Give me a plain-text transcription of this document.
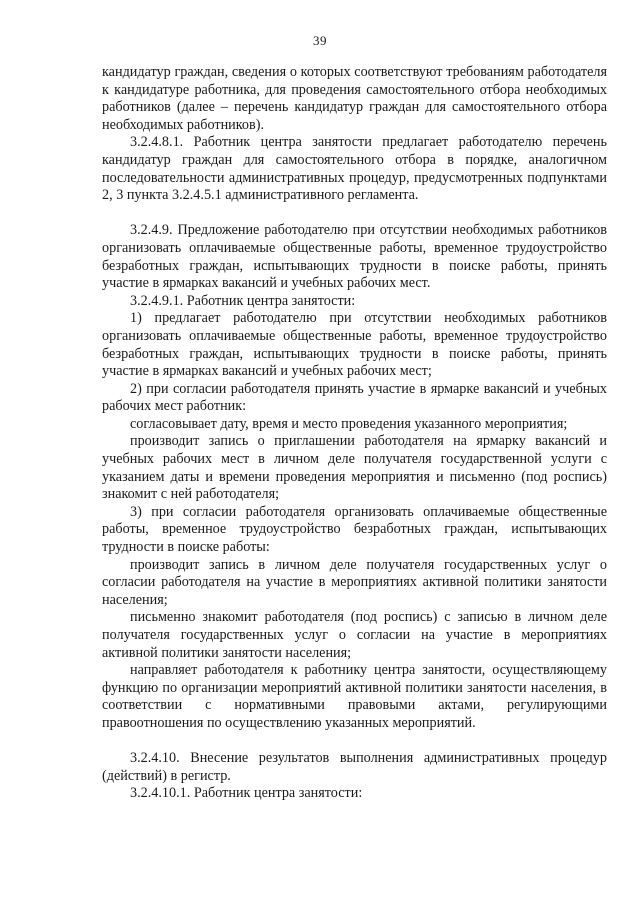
39

кандидатур граждан, сведения о которых соответствуют требованиям работодателя к кандидатуре работника, для проведения самостоятельного отбора необходимых работников (далее – перечень кандидатур граждан для самостоятельного отбора необходимых работников).

3.2.4.8.1. Работник центра занятости предлагает работодателю перечень кандидатур граждан для самостоятельного отбора в порядке, аналогичном последовательности административных процедур, предусмотренных подпунктами 2, 3 пункта 3.2.4.5.1 административного регламента.

3.2.4.9. Предложение работодателю при отсутствии необходимых работников организовать оплачиваемые общественные работы, временное трудоустройство безработных граждан, испытывающих трудности в поиске работы, принять участие в ярмарках вакансий и учебных рабочих мест.

3.2.4.9.1. Работник центра занятости:

1) предлагает работодателю при отсутствии необходимых работников организовать оплачиваемые общественные работы, временное трудоустройство безработных граждан, испытывающих трудности в поиске работы, принять участие в ярмарках вакансий и учебных рабочих мест;

2) при согласии работодателя принять участие в ярмарке вакансий и учебных рабочих мест работник:

согласовывает дату, время и место проведения указанного мероприятия;

производит запись о приглашении работодателя на ярмарку вакансий и учебных рабочих мест в личном деле получателя государственной услуги с указанием даты и времени проведения мероприятия и письменно (под роспись) знакомит с ней работодателя;

3) при согласии работодателя организовать оплачиваемые общественные работы, временное трудоустройство безработных граждан, испытывающих трудности в поиске работы:

производит запись в личном деле получателя государственных услуг о согласии работодателя на участие в мероприятиях активной политики занятости населения;

письменно знакомит работодателя (под роспись) с записью в личном деле получателя государственных услуг о согласии на участие в мероприятиях активной политики занятости населения;

направляет работодателя к работнику центра занятости, осуществляющему функцию по организации мероприятий активной политики занятости населения, в соответствии с нормативными правовыми актами, регулирующими правоотношения по осуществлению указанных мероприятий.

3.2.4.10. Внесение результатов выполнения административных процедур (действий) в регистр.

3.2.4.10.1. Работник центра занятости:
